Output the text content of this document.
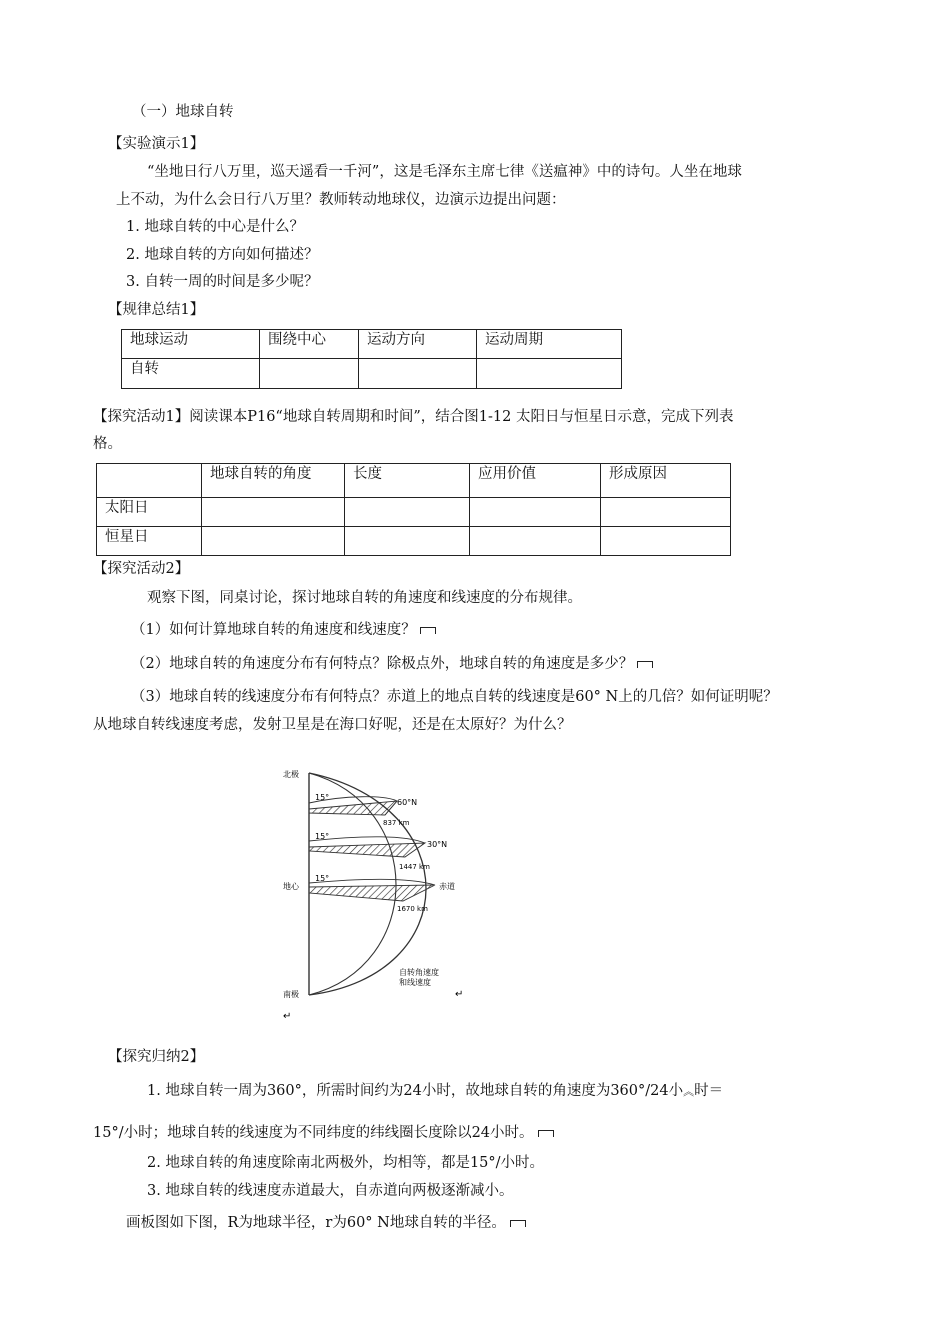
（一）地球自转
【实验演示1】
“坐地日行八万里，巡天遥看一千河”，这是毛泽东主席七律《送瘟神》中的诗句。人坐在地球
上不动，为什么会日行八万里？教师转动地球仪，边演示边提出问题：
1. 地球自转的中心是什么？
2. 地球自转的方向如何描述？
3. 自转一周的时间是多少呢？
【规律总结1】
地球运动	围绕中心	运动方向	运动周期
自转			
【探究活动1】阅读课本P16“地球自转周期和时间”，结合图1-12 太阳日与恒星日示意，完成下列表
格。
	地球自转的角度	长度	应用价值	形成原因
太阳日				
恒星日				
【探究活动2】
观察下图，同桌讨论，探讨地球自转的角速度和线速度的分布规律。
（1）如何计算地球自转的角速度和线速度？
（2）地球自转的角速度分布有何特点？除极点外，地球自转的角速度是多少？
（3）地球自转的线速度分布有何特点？赤道上的地点自转的线速度是60° N上的几倍？如何证明呢？
从地球自转线速度考虑，发射卫星是在海口好呢，还是在太原好？为什么？
北极
15°
60°N
837 km
15°
30°N
1447 km
地心
15°
赤道
1670 km
自转角速度
和线速度
南极	↵
↵
【探究归纳2】
1. 地球自转一周为360°，所需时间约为24小时，故地球自转的角速度为360°/24小︽时＝
15°/小时；地球自转的线速度为不同纬度的纬线圈长度除以24小时。
2. 地球自转的角速度除南北两极外，均相等，都是15°/小时。
3. 地球自转的线速度赤道最大，自赤道向两极逐渐减小。
画板图如下图，R为地球半径，r为60° N地球自转的半径。
